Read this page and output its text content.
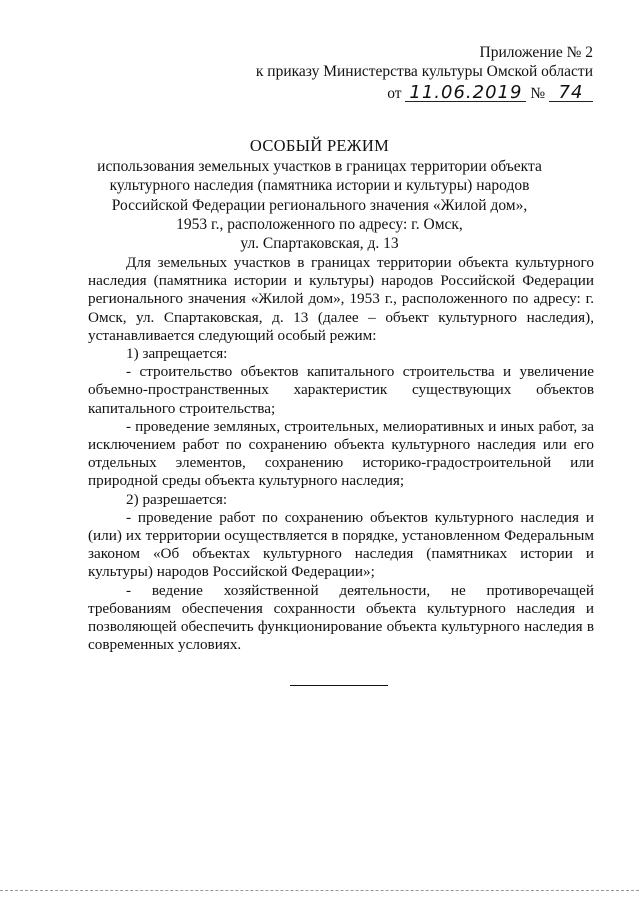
Приложение № 2
к приказу Министерства культуры Омской области
от 11.06.2019 № 74
ОСОБЫЙ РЕЖИМ
использования земельных участков в границах территории объекта
культурного наследия (памятника истории и культуры) народов
Российской Федерации регионального значения «Жилой дом»,
1953 г., расположенного по адресу: г. Омск,
ул. Спартаковская, д. 13

Для земельных участков в границах территории объекта культурного наследия (памятника истории и культуры) народов Российской Федерации регионального значения «Жилой дом», 1953 г., расположенного по адресу: г. Омск, ул. Спартаковская, д. 13 (далее – объект культурного наследия), устанавливается следующий особый режим:

1) запрещается:

- строительство объектов капитального строительства и увеличение объемно-пространственных характеристик существующих объектов капитального строительства;

- проведение земляных, строительных, мелиоративных и иных работ, за исключением работ по сохранению объекта культурного наследия или его отдельных элементов, сохранению историко-градостроительной или природной среды объекта культурного наследия;

2) разрешается:

- проведение работ по сохранению объектов культурного наследия и (или) их территории осуществляется в порядке, установленном Федеральным законом «Об объектах культурного наследия (памятниках истории и культуры) народов Российской Федерации»;

- ведение хозяйственной деятельности, не противоречащей требованиям обеспечения сохранности объекта культурного наследия и позволяющей обеспечить функционирование объекта культурного наследия в современных условиях.
